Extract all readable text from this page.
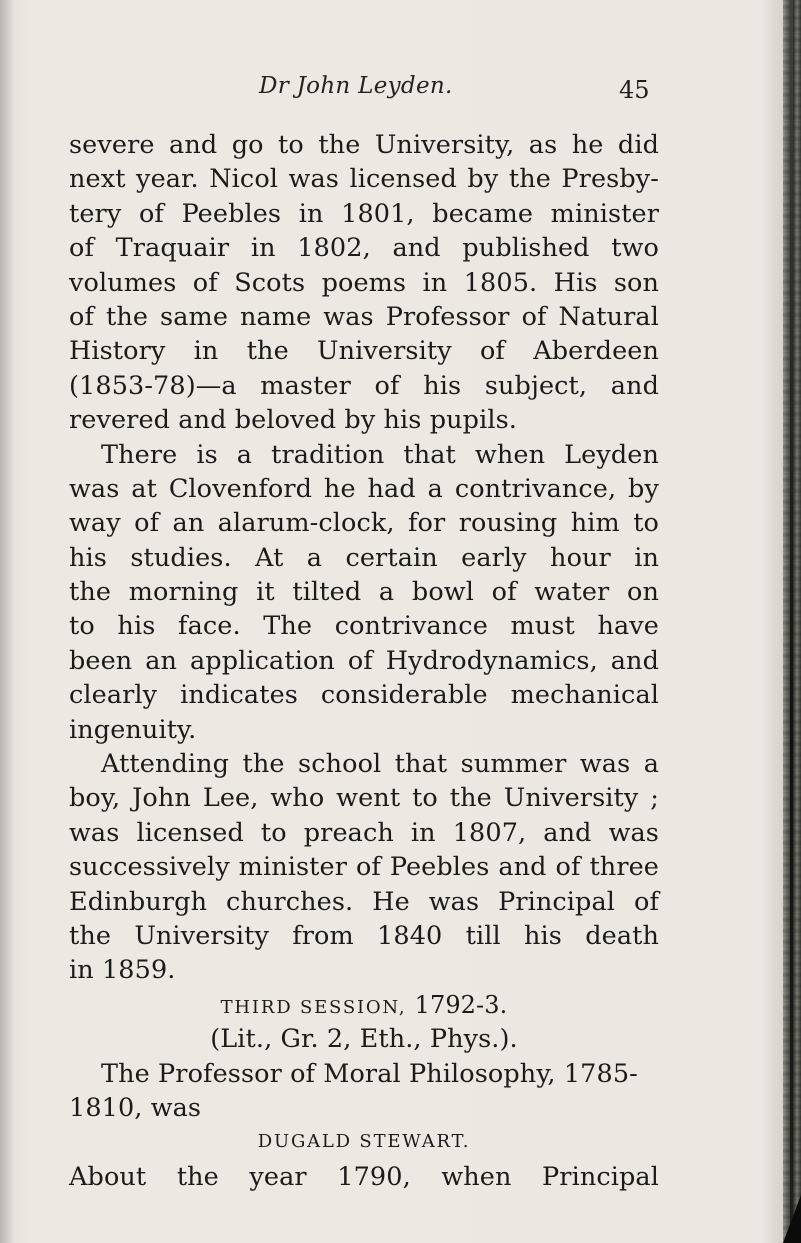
Dr John Leyden.	45
severe and go to the University, as he did
next year. Nicol was licensed by the Presby-
tery of Peebles in 1801, became minister
of Traquair in 1802, and published two
volumes of Scots poems in 1805. His son
of the same name was Professor of Natural
History in the University of Aberdeen
(1853-78)—a master of his subject, and
revered and beloved by his pupils.
There is a tradition that when Leyden
was at Clovenford he had a contrivance, by
way of an alarum-clock, for rousing him to
his studies. At a certain early hour in
the morning it tilted a bowl of water on
to his face. The contrivance must have
been an application of Hydrodynamics, and
clearly indicates considerable mechanical
ingenuity.
Attending the school that summer was a
boy, John Lee, who went to the University ;
was licensed to preach in 1807, and was
successively minister of Peebles and of three
Edinburgh churches. He was Principal of
the University from 1840 till his death
in 1859.
THIRD SESSION, 1792-3.
(Lit., Gr. 2, Eth., Phys.).
The Professor of Moral Philosophy, 1785-
1810, was
DUGALD STEWART.
About the year 1790, when Principal
